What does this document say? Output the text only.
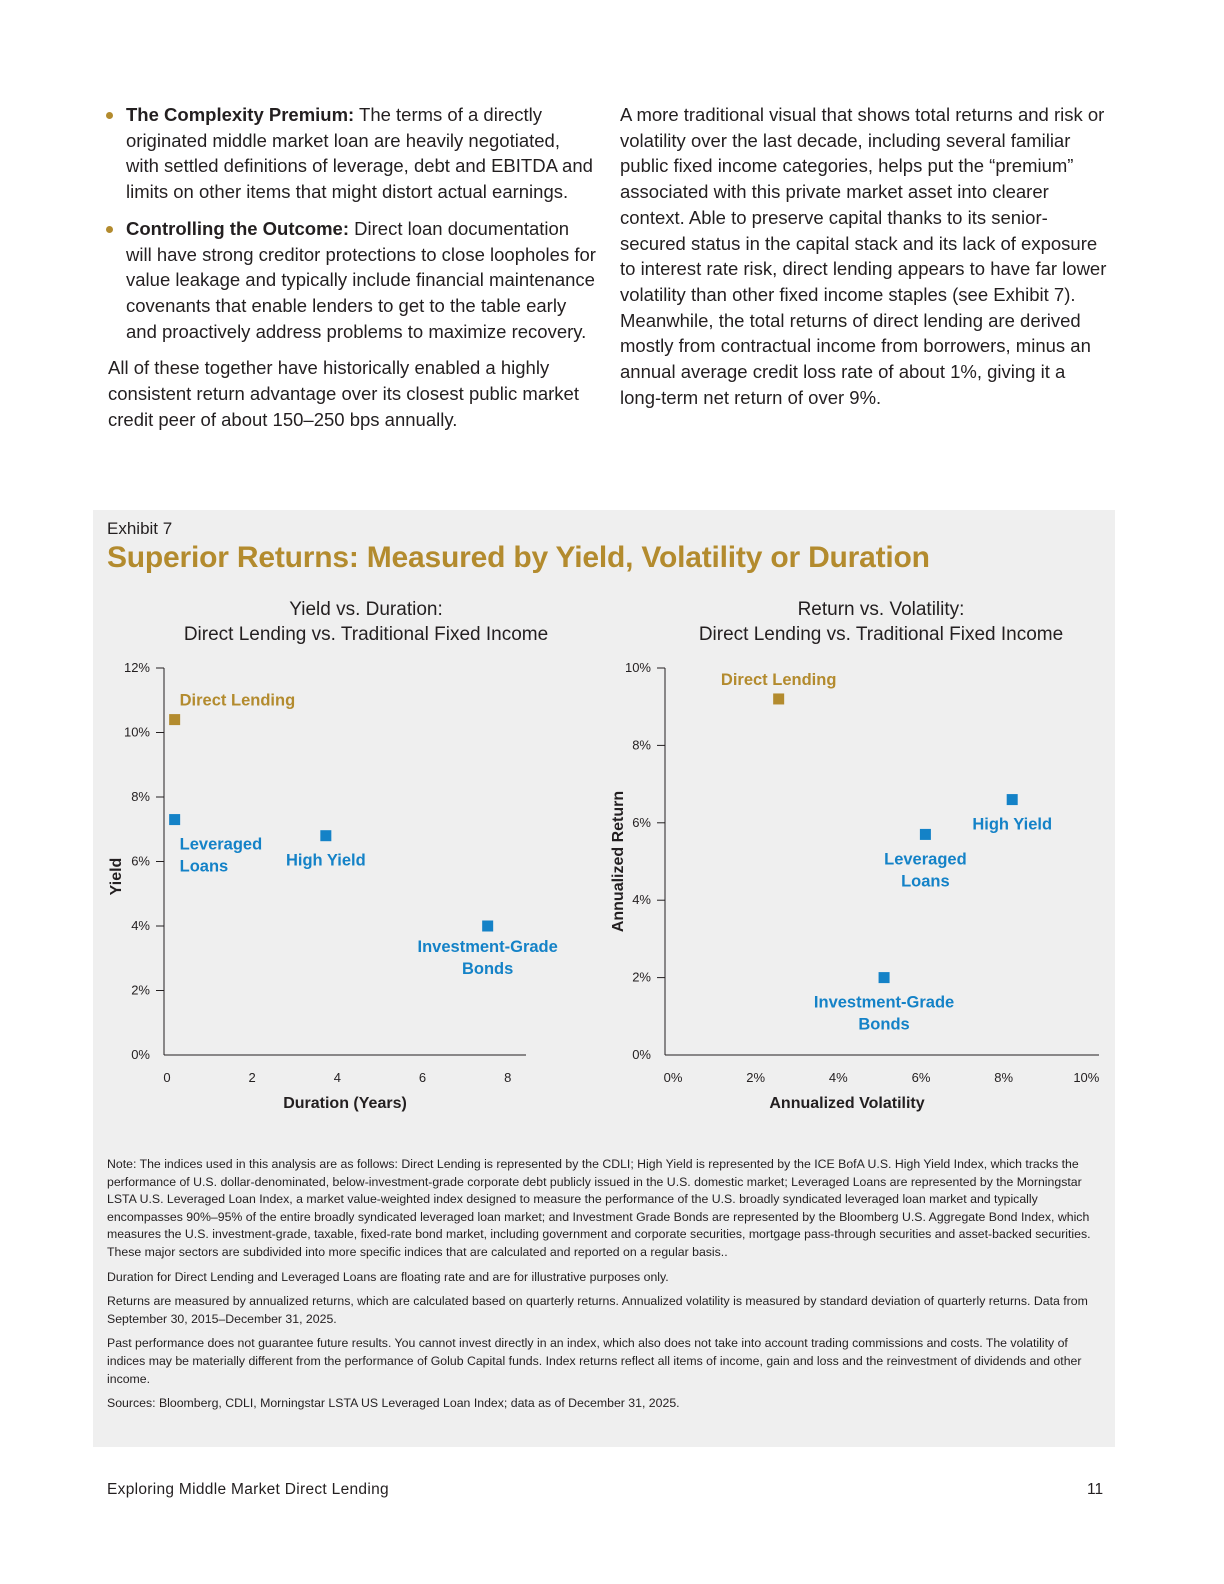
The Complexity Premium: The terms of a directly originated middle market loan are heavily negotiated, with settled definitions of leverage, debt and EBITDA and limits on other items that might distort actual earnings.
Controlling the Outcome: Direct loan documentation will have strong creditor protections to close loopholes for value leakage and typically include financial maintenance covenants that enable lenders to get to the table early and proactively address problems to maximize recovery.

All of these together have historically enabled a highly consistent return advantage over its closest public market credit peer of about 150–250 bps annually.

A more traditional visual that shows total returns and risk or volatility over the last decade, including several familiar public fixed income categories, helps put the “premium” associated with this private market asset into clearer context. Able to preserve capital thanks to its senior-secured status in the capital stack and its lack of exposure to interest rate risk, direct lending appears to have far lower volatility than other fixed income staples (see Exhibit 7). Meanwhile, the total returns of direct lending are derived mostly from contractual income from borrowers, minus an annual average credit loss rate of about 1%, giving it a long-term net return of over 9%.

Exhibit 7
Superior Returns: Measured by Yield, Volatility or Duration
Yield vs. Duration:
Direct Lending vs. Traditional Fixed Income
0%
2%
4%
6%
8%
10%
12%
0	2	4	6	8
Duration (Years)
Yield
Direct Lending
Leveraged
Loans	High Yield
Investment-Grade
Bonds
Return vs. Volatility:
Direct Lending vs. Traditional Fixed Income
0%
2%
4%
6%
8%
10%
0%	2%	4%	6%	8%	10%
Annualized Volatility
Annualized Return
Direct Lending
High Yield
Leveraged
Loans
Investment-Grade
Bonds

Note: The indices used in this analysis are as follows: Direct Lending is represented by the CDLI; High Yield is represented by the ICE BofA U.S. High Yield Index, which tracks the performance of U.S. dollar-denominated, below-investment-grade corporate debt publicly issued in the U.S. domestic market; Leveraged Loans are represented by the Morningstar LSTA U.S. Leveraged Loan Index, a market value-weighted index designed to measure the performance of the U.S. broadly syndicated leveraged loan market and typically encompasses 90%–95% of the entire broadly syndicated leveraged loan market; and Investment Grade Bonds are represented by the Bloomberg U.S. Aggregate Bond Index, which measures the U.S. investment-grade, taxable, fixed-rate bond market, including government and corporate securities, mortgage pass-through securities and asset-backed securities. These major sectors are subdivided into more specific indices that are calculated and reported on a regular basis..

Duration for Direct Lending and Leveraged Loans are floating rate and are for illustrative purposes only.

Returns are measured by annualized returns, which are calculated based on quarterly returns. Annualized volatility is measured by standard deviation of quarterly returns. Data from September 30, 2015–December 31, 2025.

Past performance does not guarantee future results. You cannot invest directly in an index, which also does not take into account trading commissions and costs. The volatility of indices may be materially different from the performance of Golub Capital funds. Index returns reflect all items of income, gain and loss and the reinvestment of dividends and other income.

Sources: Bloomberg, CDLI, Morningstar LSTA US Leveraged Loan Index; data as of December 31, 2025.

Exploring Middle Market Direct Lending	11
